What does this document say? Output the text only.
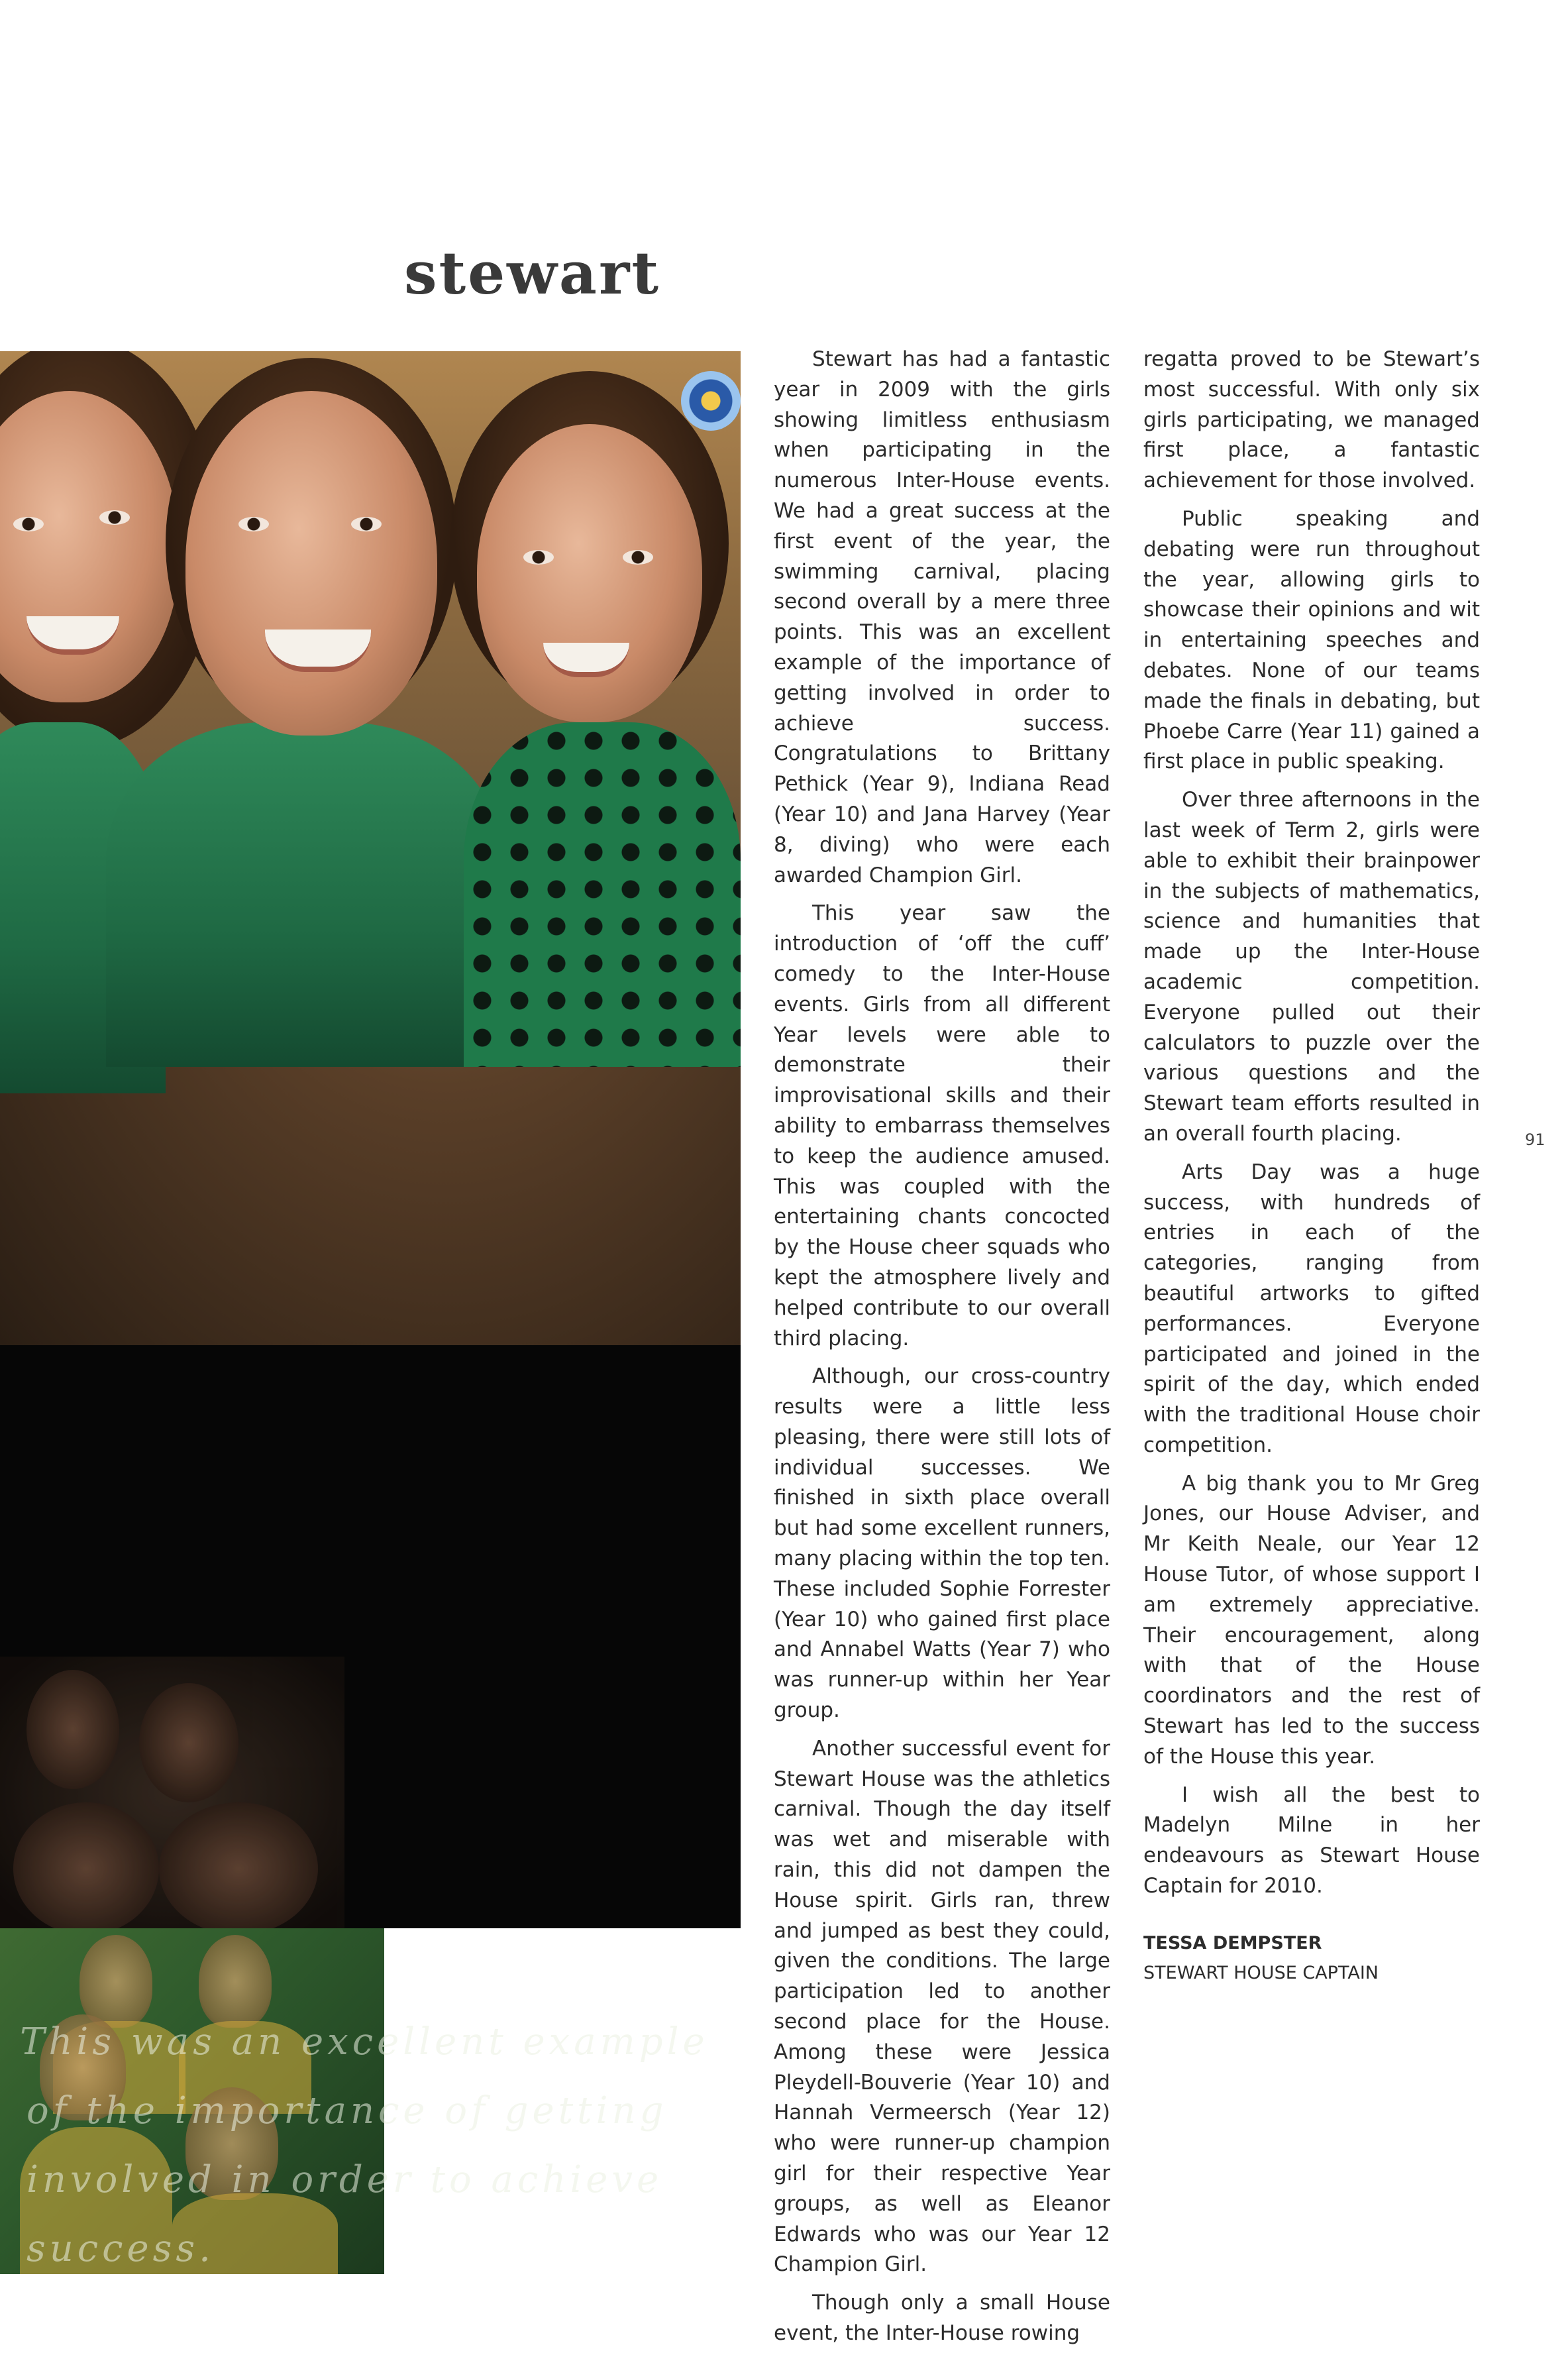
stewart

This was an excellent example
of the importance of getting
involved in order to achieve
success.

Stewart has had a fantastic year in 2009 with the girls showing limitless enthusiasm when participating in the numerous Inter-House events. We had a great success at the first event of the year, the swimming carnival, placing second overall by a mere three points. This was an excellent example of the importance of getting involved in order to achieve success. Congratulations to Brittany Pethick (Year 9), Indiana Read (Year 10) and Jana Harvey (Year 8, diving) who were each awarded Champion Girl.

This year saw the introduction of ‘off the cuff’ comedy to the Inter-House events. Girls from all different Year levels were able to demonstrate their improvisational skills and their ability to embarrass themselves to keep the audience amused. This was coupled with the entertaining chants concocted by the House cheer squads who kept the atmosphere lively and helped contribute to our overall third placing.

Although, our cross-country results were a little less pleasing, there were still lots of individual successes. We finished in sixth place overall but had some excellent runners, many placing within the top ten. These included Sophie Forrester (Year 10) who gained first place and Annabel Watts (Year 7) who was runner-up within her Year group.

Another successful event for Stewart House was the athletics carnival. Though the day itself was wet and miserable with rain, this did not dampen the House spirit. Girls ran, threw and jumped as best they could, given the conditions. The large participation led to another second place for the House. Among these were Jessica Pleydell-Bouverie (Year 10) and Hannah Vermeersch (Year 12) who were runner-up champion girl for their respective Year groups, as well as Eleanor Edwards who was our Year 12 Champion Girl.

Though only a small House event, the Inter-House rowing

regatta proved to be Stewart’s most successful. With only six girls participating, we managed first place, a fantastic achievement for those involved.

Public speaking and debating were run throughout the year, allowing girls to showcase their opinions and wit in entertaining speeches and debates. None of our teams made the finals in debating, but Phoebe Carre (Year 11) gained a first place in public speaking.

Over three afternoons in the last week of Term 2, girls were able to exhibit their brainpower in the subjects of mathematics, science and humanities that made up the Inter-House academic competition. Everyone pulled out their calculators to puzzle over the various questions and the Stewart team efforts resulted in an overall fourth placing.

Arts Day was a huge success, with hundreds of entries in each of the categories, ranging from beautiful artworks to gifted performances. Everyone participated and joined in the spirit of the day, which ended with the traditional House choir competition.

A big thank you to Mr Greg Jones, our House Adviser, and Mr Keith Neale, our Year 12 House Tutor, of whose support I am extremely appreciative. Their encouragement, along with that of the House coordinators and the rest of Stewart has led to the success of the House this year.

I wish all the best to Madelyn Milne in her endeavours as Stewart House Captain for 2010.

TESSA DEMPSTER
STEWART HOUSE CAPTAIN
91
